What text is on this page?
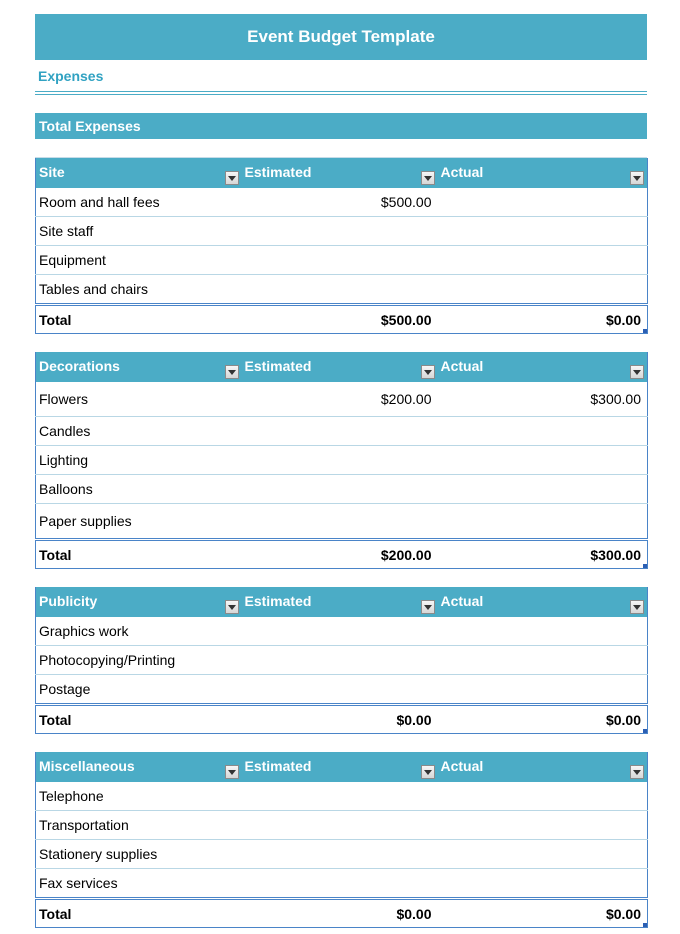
Event Budget Template
Expenses
Total Expenses
Site	Estimated	Actual

Room and hall fees	$500.00	
Site staff		
Equipment		
Tables and chairs		
Total	$500.00	$0.00
Decorations	Estimated	Actual

Flowers	$200.00	$300.00
Candles		
Lighting		
Balloons		
Paper supplies		
Total	$200.00	$300.00
Publicity	Estimated	Actual

Graphics work		
Photocopying/Printing		
Postage		
Total	$0.00	$0.00
Miscellaneous	Estimated	Actual

Telephone		
Transportation		
Stationery supplies		
Fax services		
Total	$0.00	$0.00
